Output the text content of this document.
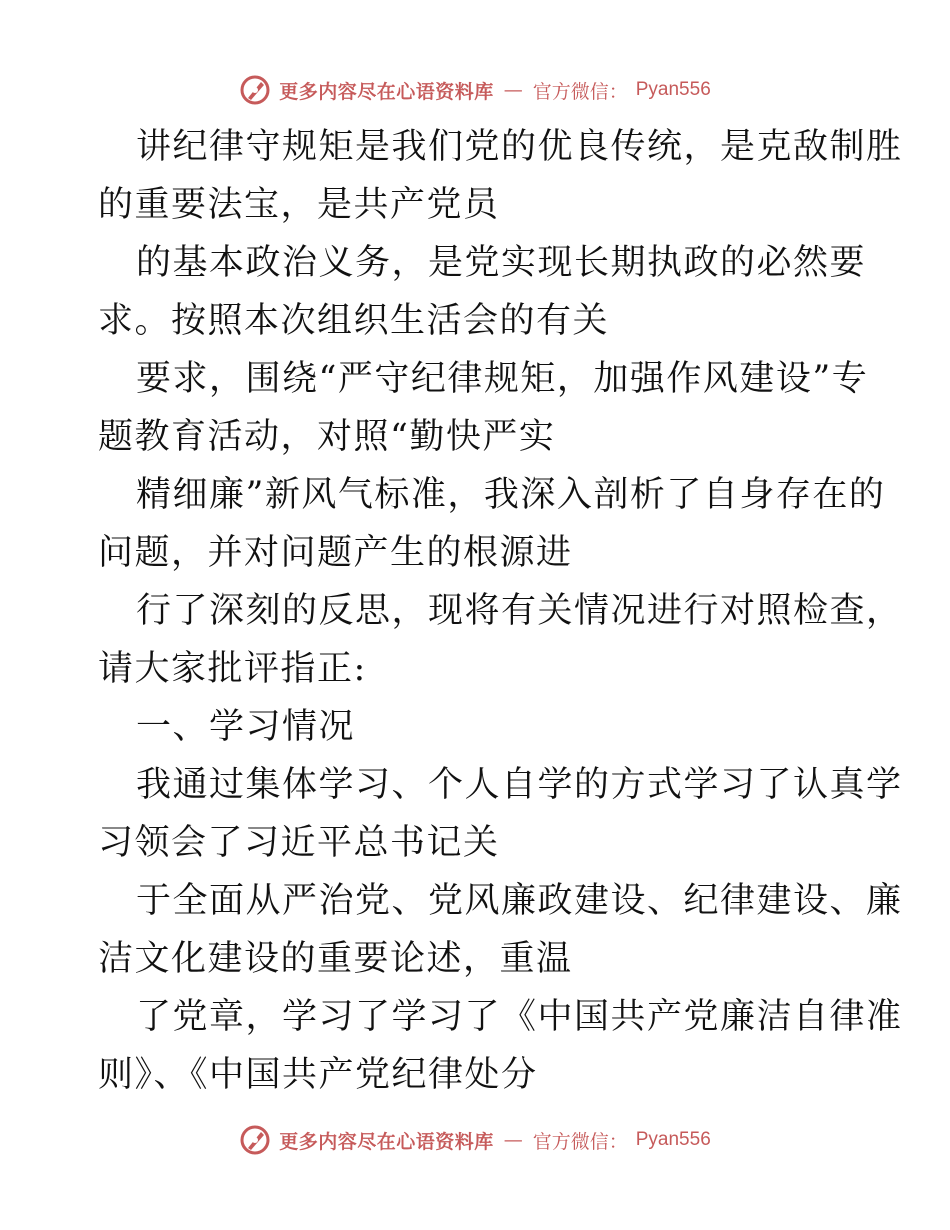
更多内容尽在心语资料库 — 官方微信： Pyan556
讲纪律守规矩是我们党的优良传统，是克敌制胜
的重要法宝，是共产党员
的基本政治义务，是党实现长期执政的必然要
求。按照本次组织生活会的有关
要求，围绕“严守纪律规矩，加强作风建设”专
题教育活动，对照“勤快严实
精细廉”新风气标准，我深入剖析了自身存在的
问题，并对问题产生的根源进
行了深刻的反思，现将有关情况进行对照检查，
请大家批评指正:
一、学习情况
我通过集体学习、个人自学的方式学习了认真学
习领会了习近平总书记关
于全面从严治党、党风廉政建设、纪律建设、廉
洁文化建设的重要论述，重温
了党章，学习了学习了《中国共产党廉洁自律准
则》、《中国共产党纪律处分
更多内容尽在心语资料库 — 官方微信： Pyan556
